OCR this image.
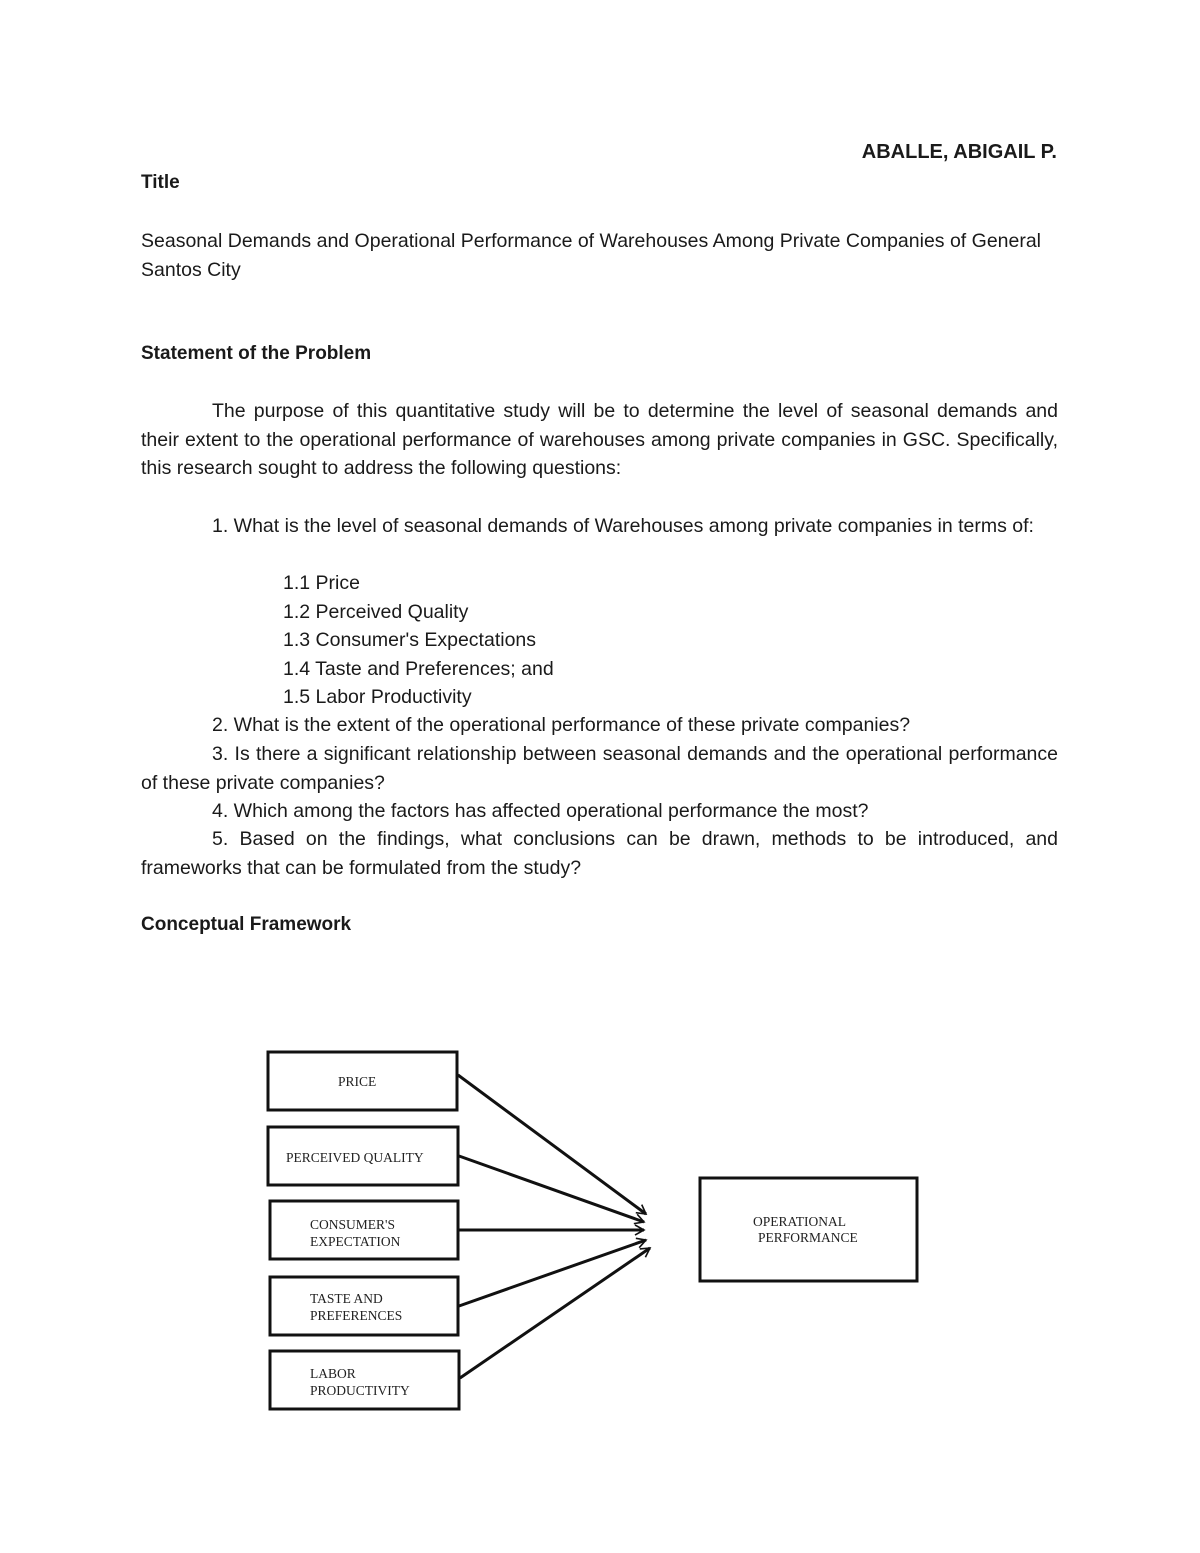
ABALLE, ABIGAIL P.
Title
Seasonal Demands and Operational Performance of Warehouses Among Private Companies of General Santos City
Statement of the Problem
The purpose of this quantitative study will be to determine the level of seasonal demands and their extent to the operational performance of warehouses among private companies in GSC. Specifically, this research sought to address the following questions:
1. What is the level of seasonal demands of Warehouses among private companies in terms of:
1.1 Price
1.2 Perceived Quality
1.3 Consumer's Expectations
1.4 Taste and Preferences; and
1.5 Labor Productivity
2. What is the extent of the operational performance of these private companies?
3. Is there a significant relationship between seasonal demands and the operational performance of these private companies?
4. Which among the factors has affected operational performance the most?
5. Based on the findings, what conclusions can be drawn, methods to be introduced, and frameworks that can be formulated from the study?
Conceptual Framework
PRICE
PERCEIVED QUALITY
CONSUMER'S
EXPECTATION
TASTE AND
PREFERENCES
LABOR
PRODUCTIVITY
OPERATIONAL
PERFORMANCE
